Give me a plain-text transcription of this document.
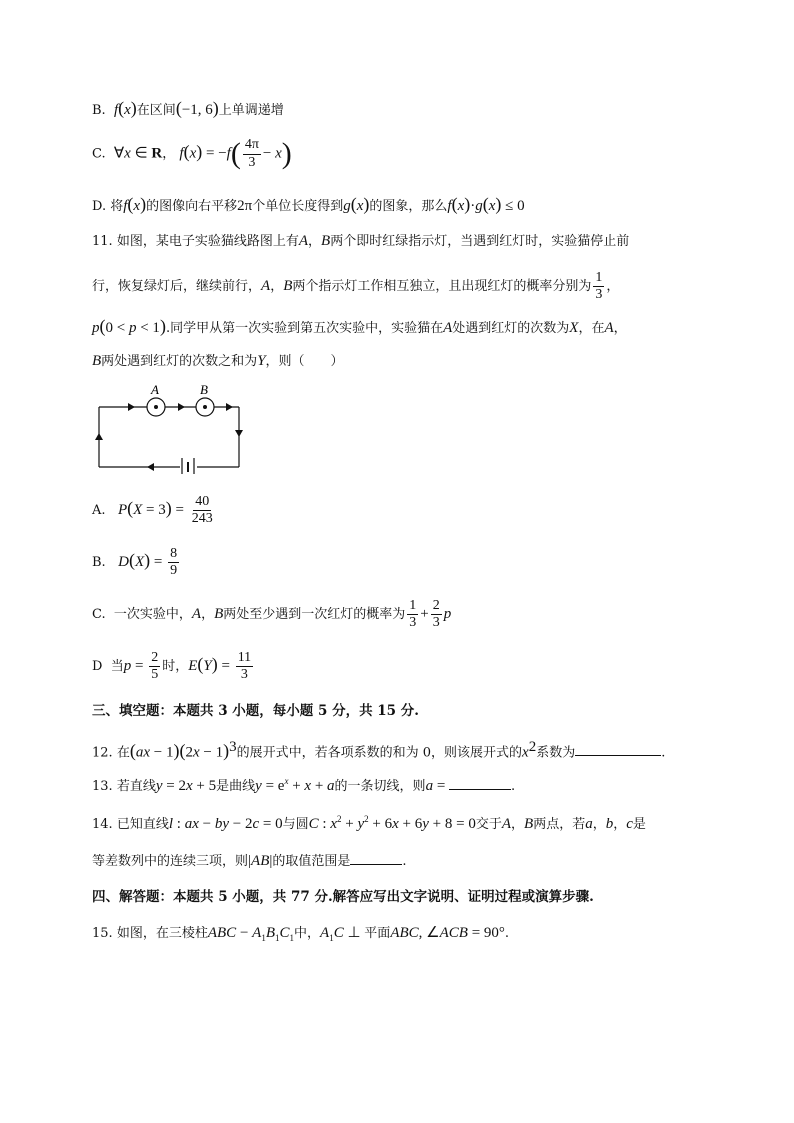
B. f(x)在区间(−1, 6)上单调递增
C. ∀x ∈ R， $f(x) = -f( \frac{4\pi}{3} - x)$
D. 将f(x)的图像向右平移2π个单位长度得到g(x)的图象，那么f(x)·g(x) ≤ 0
11. 如图，某电子实验猫线路图上有A，B两个即时红绿指示灯，当遇到红灯时，实验猫停止前
行，恢复绿灯后，继续前行，A，B两个指示灯工作相互独立，且出现红灯的概率分别为 $\frac{1}{3}$ ，
p(0 < p < 1).同学甲从第一次实验到第五次实验中，实验猫在A处遇到红灯的次数为X，在A，
B两处遇到红灯的次数之和为Y，则（　　）
A	B
A. $P(X = 3) = \frac{40}{243}$
B. $D(X) = \frac{8}{9}$
C. 一次实验中，A，B两处至少遇到一次红灯的概率为 $\frac{1}{3} + \frac{2}{3}$ p
D 当$p = \frac{2}{5}$ 时，$E(Y) = \frac{11}{3}$
三、填空题：本题共 3 小题，每小题 5 分，共 15 分.
12. 在$(ax - 1)(2x - 1)^3$的展开式中，若各项系数的和为 0，则该展开式的$x^2$系数为	.
13. 若直线y = 2x + 5是曲线$y = e^x + x + a$的一条切线，则a =	.
14. 已知直线l : ax − by − 2c = 0与圆C : $x^2 + y^2 + 6x + 6y + 8 = 0$交于A，B两点，若a，b，c是
等差数列中的连续三项，则|AB|的取值范围是	.
四、解答题：本题共 5 小题，共 77 分.解答应写出文字说明、证明过程或演算步骤.
15. 如图，在三棱柱ABC − $A_1B_1C_1$中，$A_1C$ ⊥ 平面ABC, ∠ACB = 90°.
